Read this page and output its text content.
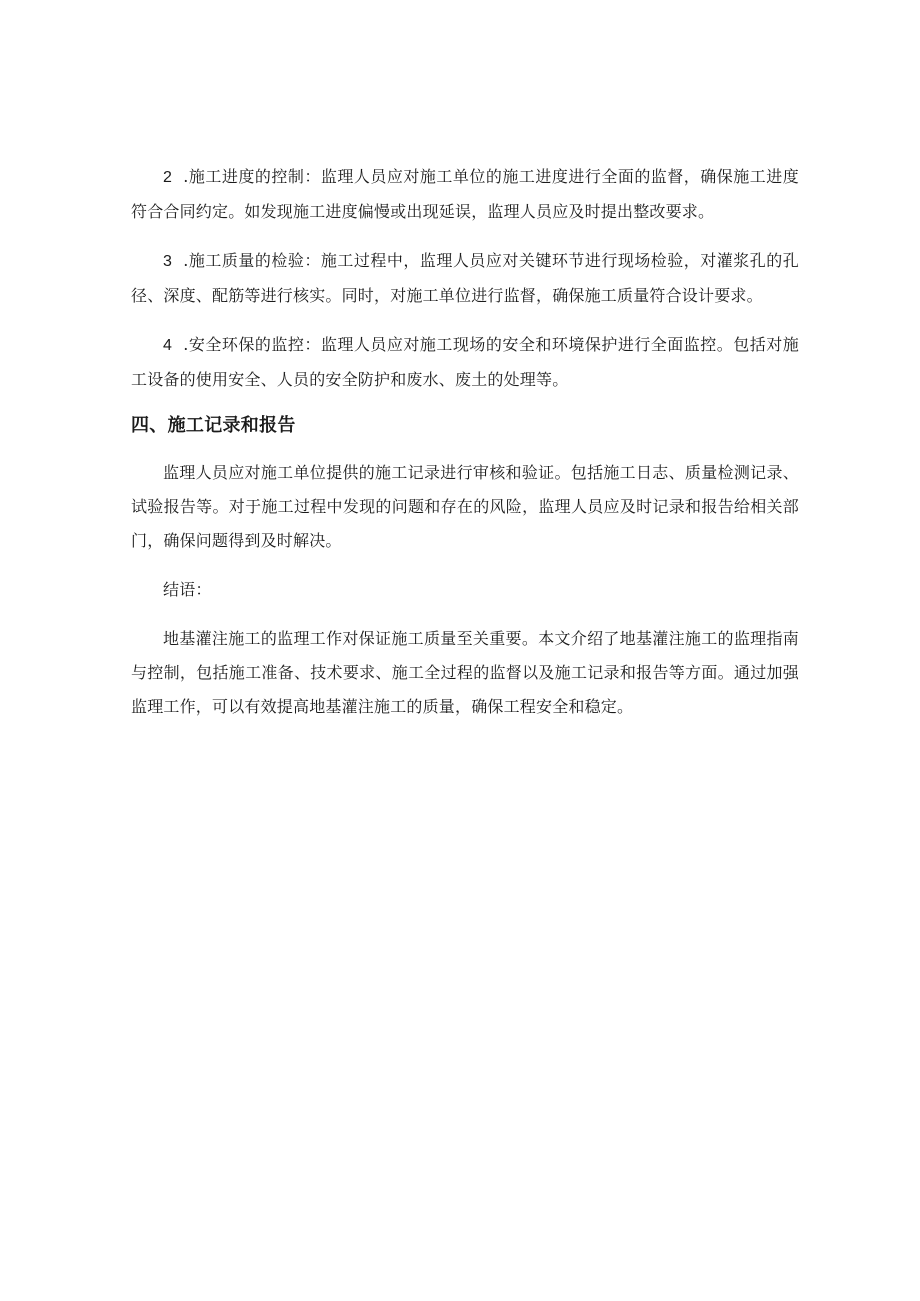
2 .施工进度的控制：监理人员应对施工单位的施工进度进行全面的监督，确保施工进度符合合同约定。如发现施工进度偏慢或出现延误，监理人员应及时提出整改要求。

3 .施工质量的检验：施工过程中，监理人员应对关键环节进行现场检验，对灌浆孔的孔径、深度、配筋等进行核实。同时，对施工单位进行监督，确保施工质量符合设计要求。

4 .安全环保的监控：监理人员应对施工现场的安全和环境保护进行全面监控。包括对施工设备的使用安全、人员的安全防护和废水、废土的处理等。

四、施工记录和报告

监理人员应对施工单位提供的施工记录进行审核和验证。包括施工日志、质量检测记录、试验报告等。对于施工过程中发现的问题和存在的风险，监理人员应及时记录和报告给相关部门，确保问题得到及时解决。

结语：

地基灌注施工的监理工作对保证施工质量至关重要。本文介绍了地基灌注施工的监理指南与控制，包括施工准备、技术要求、施工全过程的监督以及施工记录和报告等方面。通过加强监理工作，可以有效提高地基灌注施工的质量，确保工程安全和稳定。
